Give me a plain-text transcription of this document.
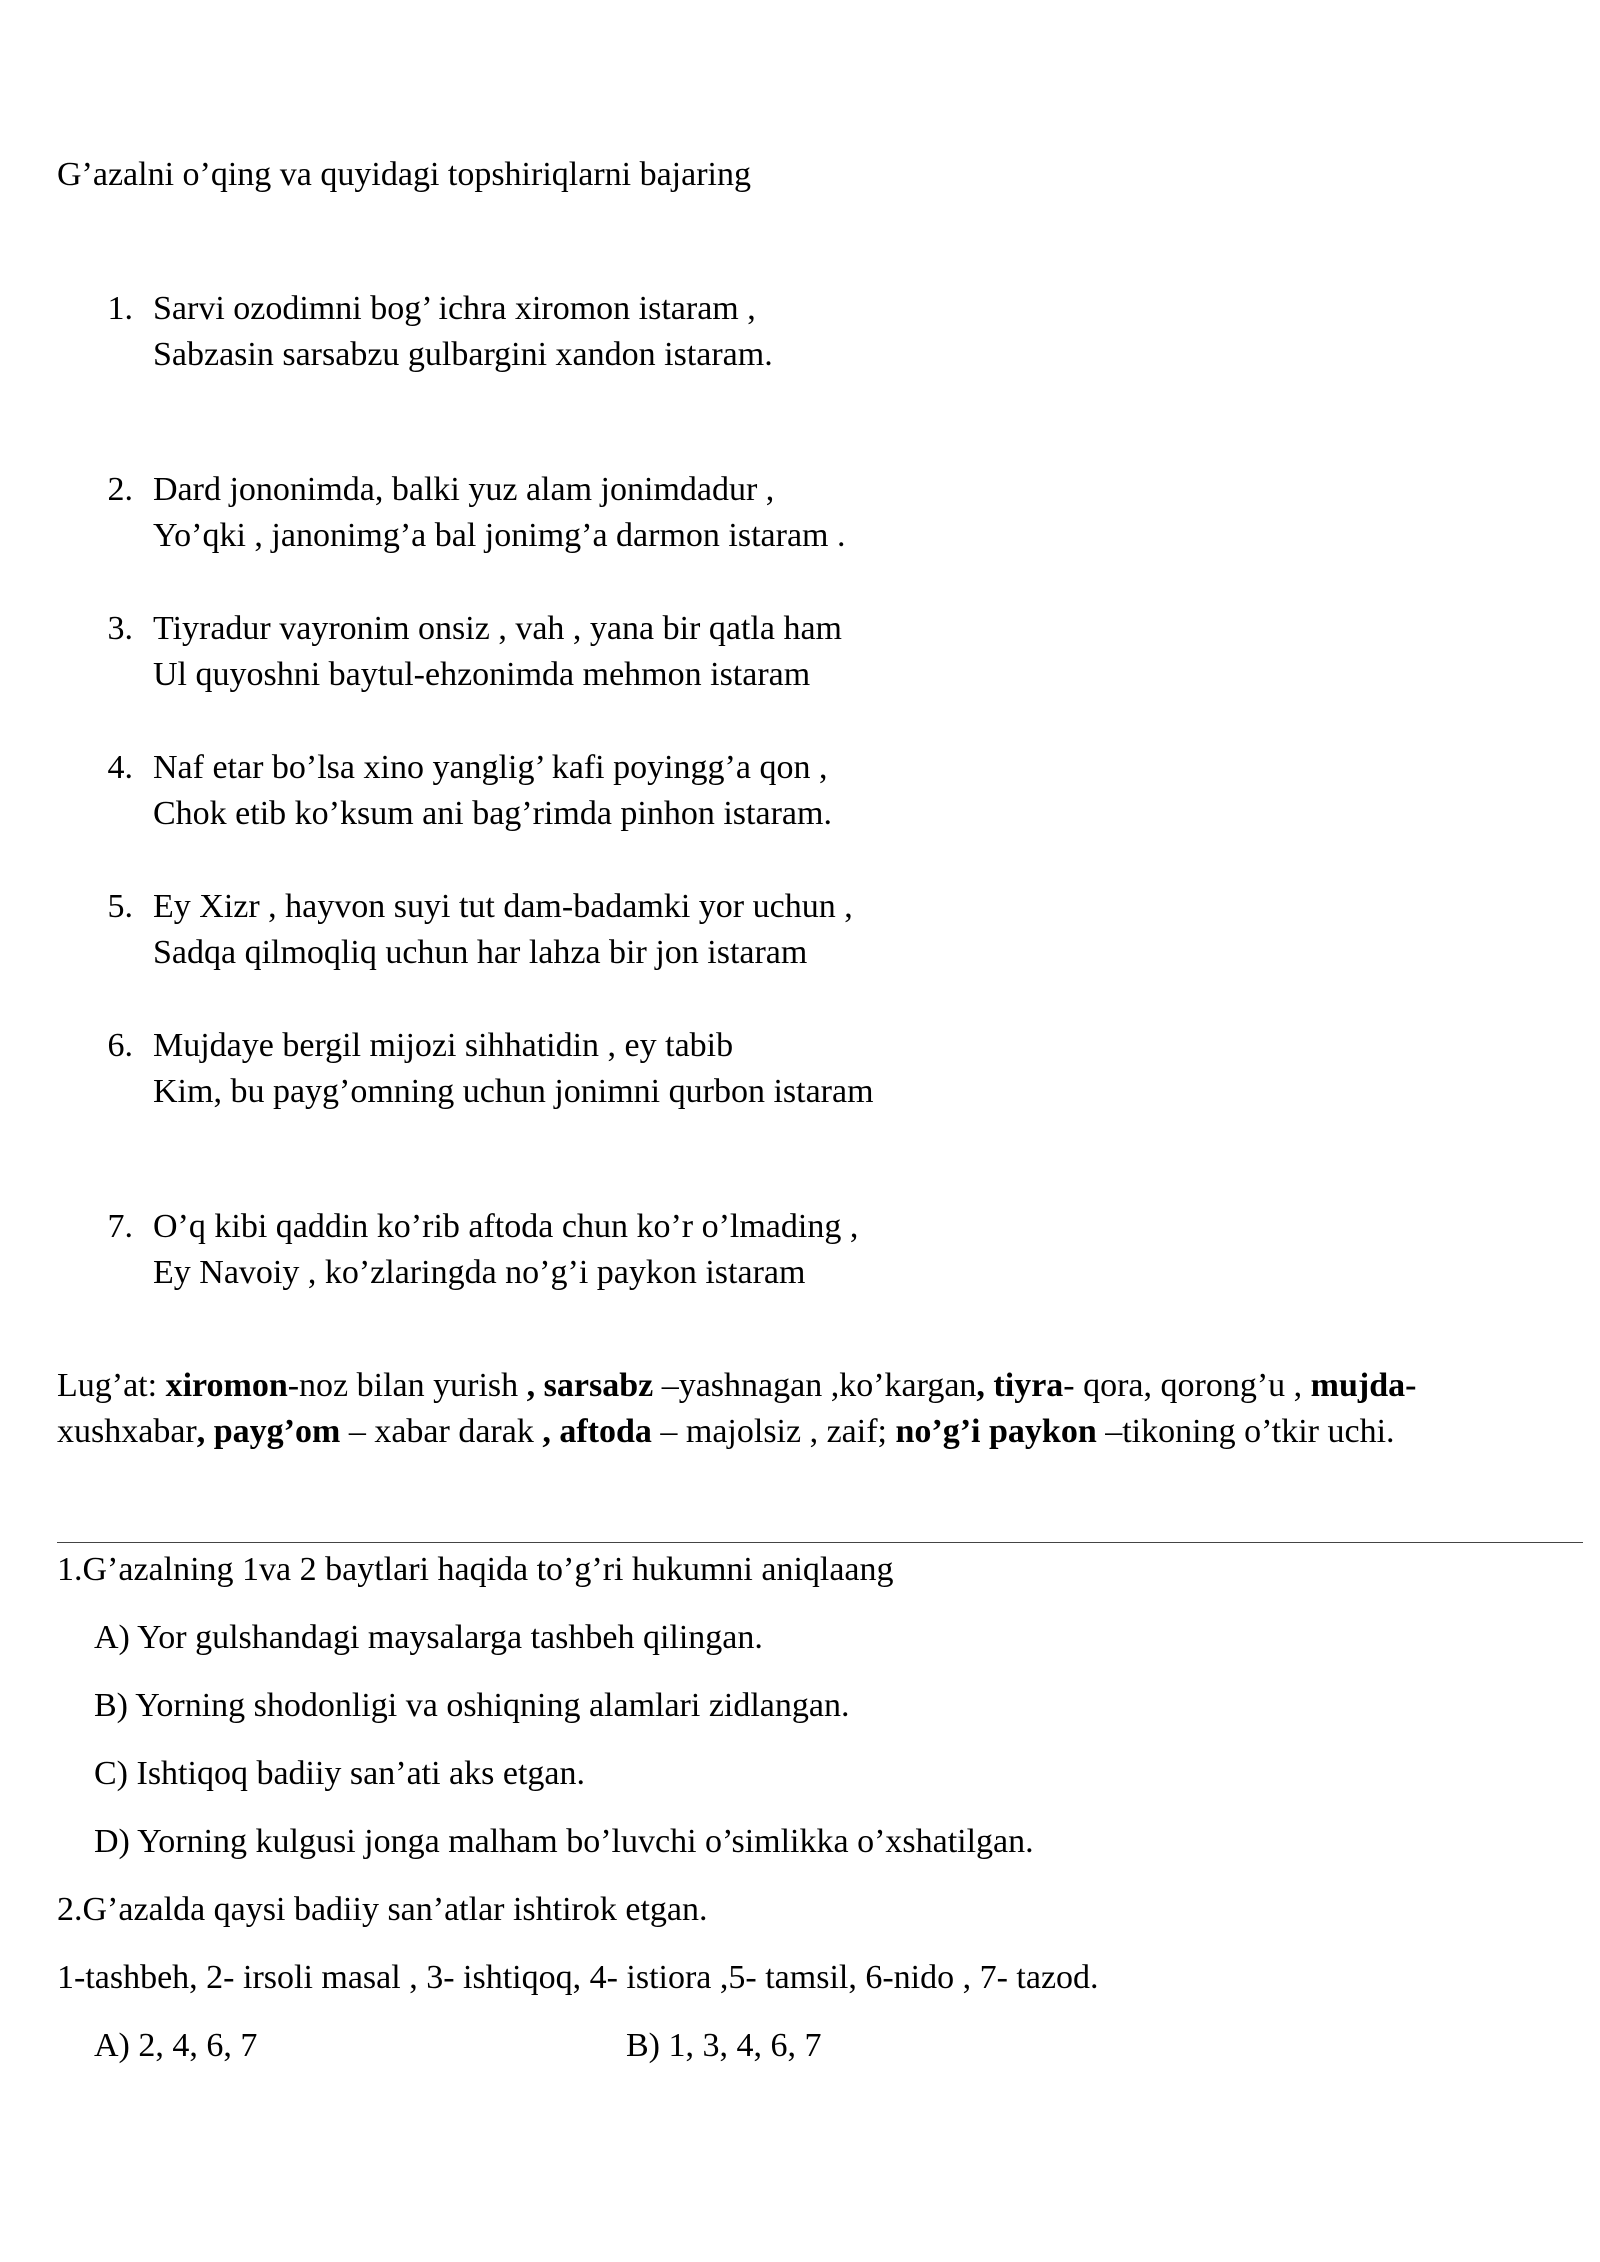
G’azalni o’qing va quyidagi topshiriqlarni bajaring
1. Sarvi ozodimni bog’ ichra xiromon istaram ,
Sabzasin sarsabzu gulbargini xandon istaram.
2. Dard jononimda, balki yuz alam jonimdadur ,
Yo’qki , janonimg’a bal jonimg’a darmon istaram .
3. Tiyradur vayronim onsiz , vah , yana bir qatla ham
Ul quyoshni baytul-ehzonimda mehmon istaram
4. Naf etar bo’lsa xino yanglig’ kafi poyingg’a qon ,
Chok etib ko’ksum ani bag’rimda pinhon istaram.
5. Ey Xizr , hayvon suyi tut dam-badamki yor uchun ,
Sadqa qilmoqliq uchun har lahza bir jon istaram
6. Mujdaye bergil mijozi sihhatidin , ey tabib
Kim, bu payg’omning uchun jonimni qurbon istaram
7. O’q kibi qaddin ko’rib aftoda chun ko’r o’lmading ,
Ey Navoiy , ko’zlaringda no’g’i paykon istaram
Lug’at: xiromon-noz bilan yurish , sarsabz –yashnagan ,ko’kargan, tiyra- qora, qorong’u , mujda-
xushxabar, payg’om – xabar darak , aftoda – majolsiz , zaif; no’g’i paykon –tikoning o’tkir uchi.
1.G’azalning 1va 2 baytlari haqida to’g’ri hukumni aniqlaang
A) Yor gulshandagi maysalarga tashbeh qilingan.
B) Yorning shodonligi va oshiqning alamlari zidlangan.
C) Ishtiqoq badiiy san’ati aks etgan.
D) Yorning kulgusi jonga malham bo’luvchi o’simlikka o’xshatilgan.
2.G’azalda qaysi badiiy san’atlar ishtirok etgan.
1-tashbeh, 2- irsoli masal , 3- ishtiqoq, 4- istiora ,5- tamsil, 6-nido , 7- tazod.
A) 2, 4, 6, 7	B) 1, 3, 4, 6, 7
